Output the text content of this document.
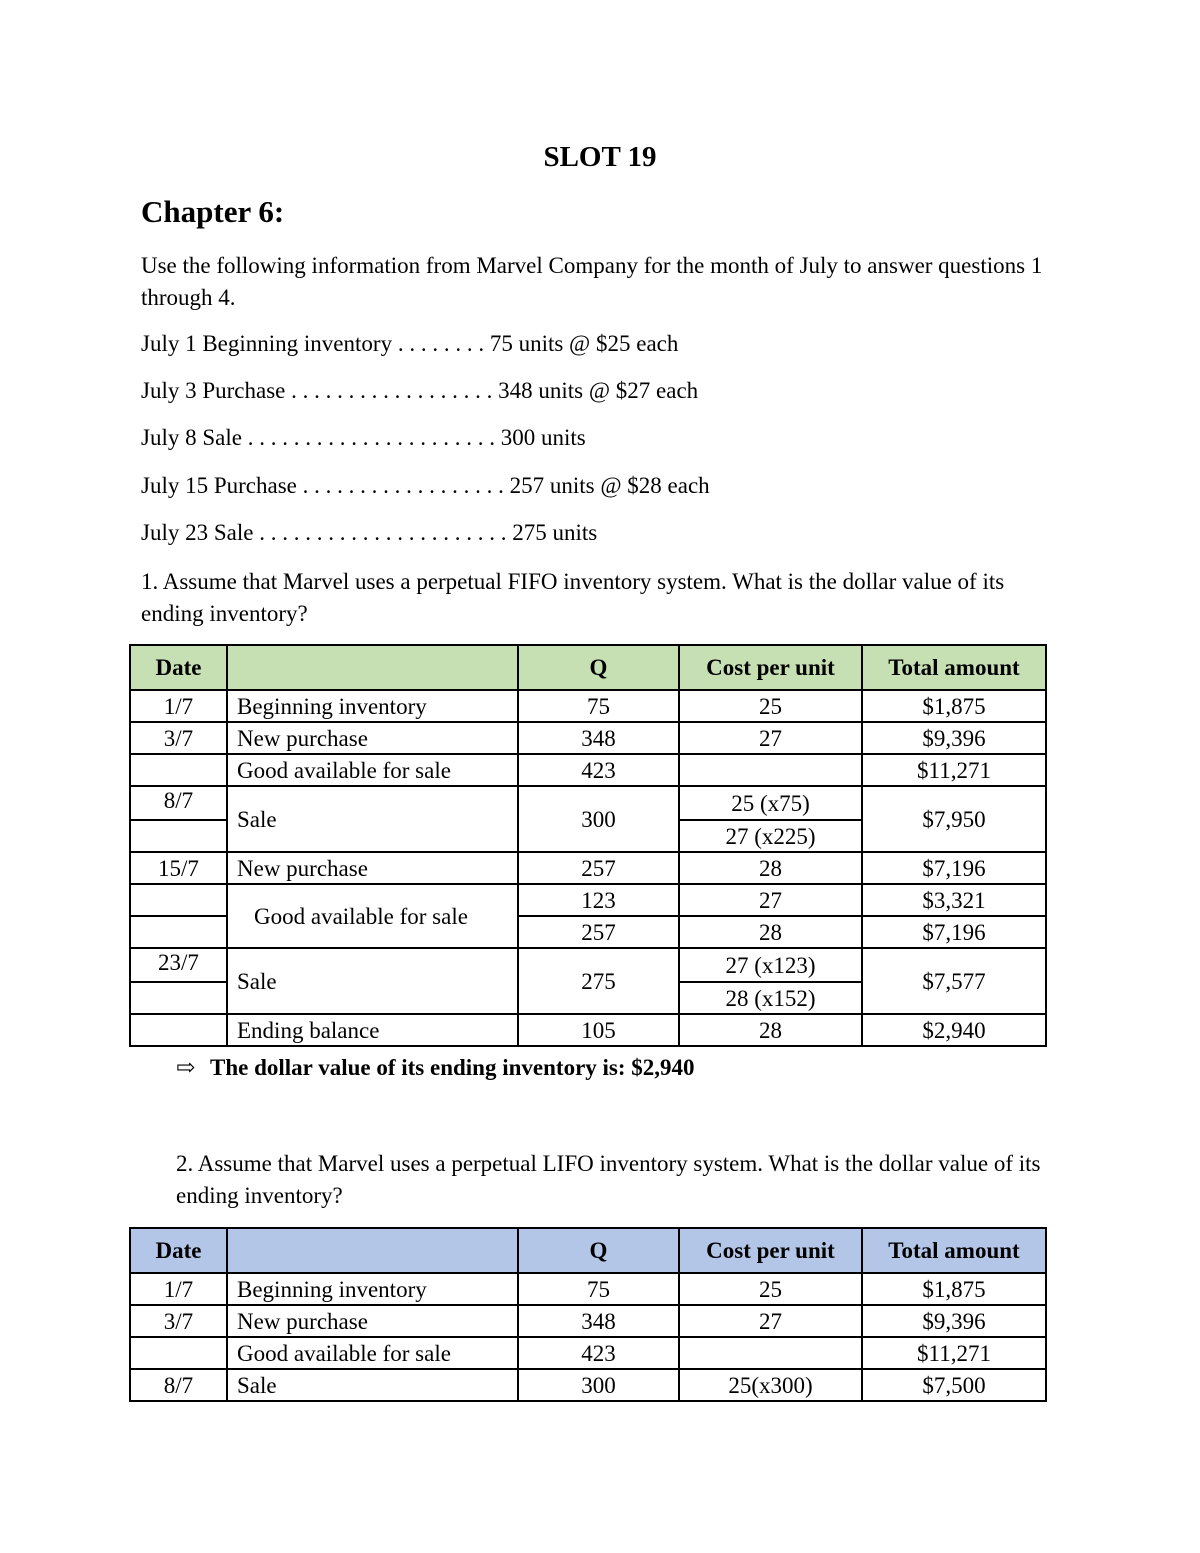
SLOT 19
Chapter 6:
Use the following information from Marvel Company for the month of July to answer questions 1 through 4.
July 1 Beginning inventory . . . . . . . . 75 units @ $25 each
July 3 Purchase . . . . . . . . . . . . . . . . . . 348 units @ $27 each
July 8 Sale . . . . . . . . . . . . . . . . . . . . . . 300 units
July 15 Purchase . . . . . . . . . . . . . . . . . . 257 units @ $28 each
July 23 Sale . . . . . . . . . . . . . . . . . . . . . . 275 units
1. Assume that Marvel uses a perpetual FIFO inventory system. What is the dollar value of its ending inventory?
Date		Q	Cost per unit	Total amount
1/7	Beginning inventory	75	25	$1,875
3/7	New purchase	348	27	$9,396
	Good available for sale	423		$11,271
8/7	Sale	300	25 (x75)	$7,950
			27 (x225)	
15/7	New purchase	257	28	$7,196
	Good available for sale	123	27	$3,321
		257	28	$7,196
23/7	Sale	275	27 (x123)	$7,577
			28 (x152)	
	Ending balance	105	28	$2,940
⇨ The dollar value of its ending inventory is: $2,940
2. Assume that Marvel uses a perpetual LIFO inventory system. What is the dollar value of its ending inventory?
Date		Q	Cost per unit	Total amount
1/7	Beginning inventory	75	25	$1,875
3/7	New purchase	348	27	$9,396
	Good available for sale	423		$11,271
8/7	Sale	300	25(x300)	$7,500
